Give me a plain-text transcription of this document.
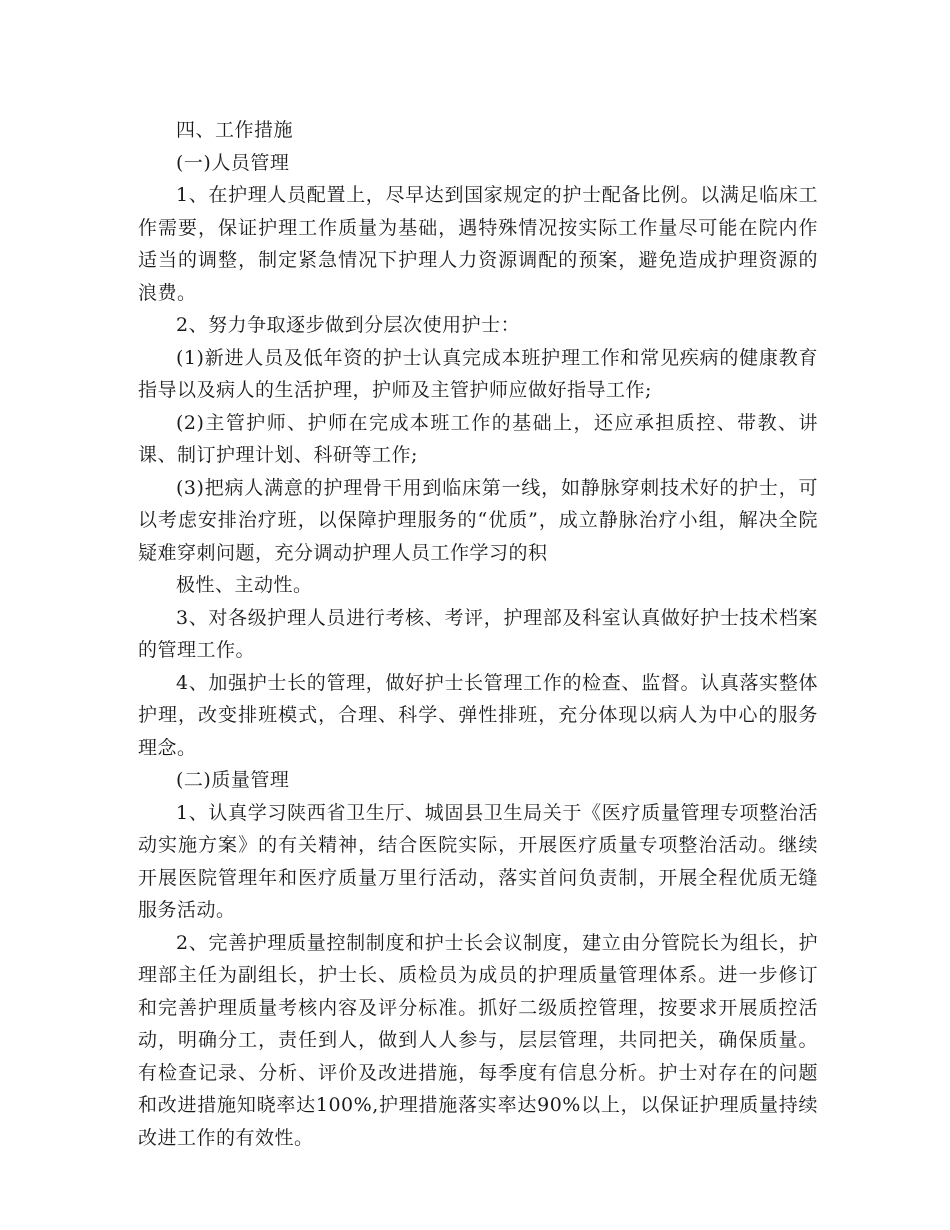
四、工作措施

(一)人员管理

1、在护理人员配置上，尽早达到国家规定的护士配备比例。以满足临床工作需要，保证护理工作质量为基础，遇特殊情况按实际工作量尽可能在院内作适当的调整，制定紧急情况下护理人力资源调配的预案，避免造成护理资源的浪费。

2、努力争取逐步做到分层次使用护士：

(1)新进人员及低年资的护士认真完成本班护理工作和常见疾病的健康教育指导以及病人的生活护理，护师及主管护师应做好指导工作;

(2)主管护师、护师在完成本班工作的基础上，还应承担质控、带教、讲课、制订护理计划、科研等工作;

(3)把病人满意的护理骨干用到临床第一线，如静脉穿刺技术好的护士，可以考虑安排治疗班，以保障护理服务的“优质”，成立静脉治疗小组，解决全院疑难穿刺问题，充分调动护理人员工作学习的积

极性、主动性。

3、对各级护理人员进行考核、考评，护理部及科室认真做好护士技术档案的管理工作。

4、加强护士长的管理，做好护士长管理工作的检查、监督。认真落实整体护理，改变排班模式，合理、科学、弹性排班，充分体现以病人为中心的服务理念。

(二)质量管理

1、认真学习陕西省卫生厅、城固县卫生局关于《医疗质量管理专项整治活动实施方案》的有关精神，结合医院实际，开展医疗质量专项整治活动。继续开展医院管理年和医疗质量万里行活动，落实首问负责制，开展全程优质无缝服务活动。

2、完善护理质量控制制度和护士长会议制度，建立由分管院长为组长，护理部主任为副组长，护士长、质检员为成员的护理质量管理体系。进一步修订和完善护理质量考核内容及评分标准。抓好二级质控管理，按要求开展质控活动，明确分工，责任到人，做到人人参与，层层管理，共同把关，确保质量。有检查记录、分析、评价及改进措施，每季度有信息分析。护士对存在的问题和改进措施知晓率达100%,护理措施落实率达90%以上，以保证护理质量持续改进工作的有效性。
